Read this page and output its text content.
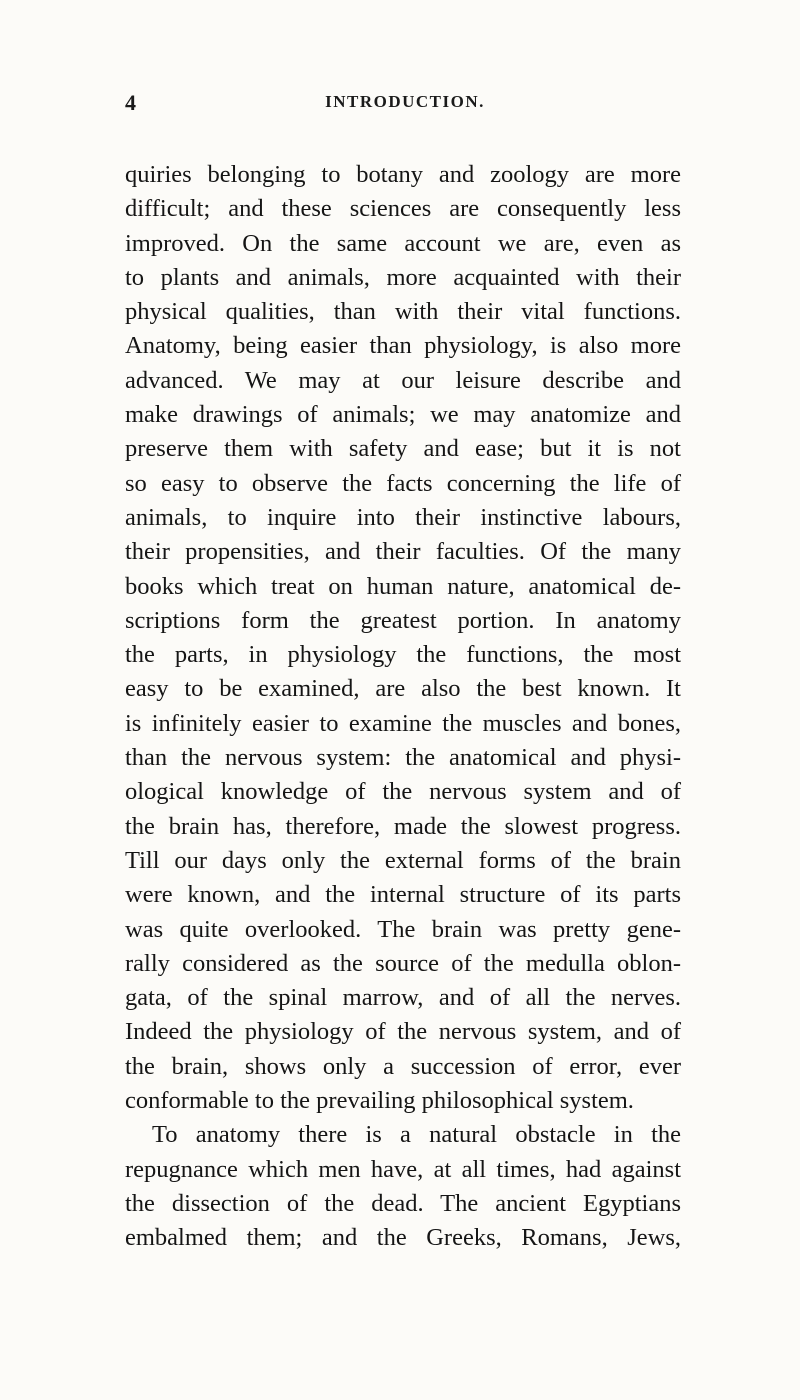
4	INTRODUCTION.
quiries belonging to botany and zoology are more
difficult; and these sciences are consequently less
improved. On the same account we are, even as
to plants and animals, more acquainted with their
physical qualities, than with their vital functions.
Anatomy, being easier than physiology, is also more
advanced. We may at our leisure describe and
make drawings of animals; we may anatomize and
preserve them with safety and ease; but it is not
so easy to observe the facts concerning the life of
animals, to inquire into their instinctive labours,
their propensities, and their faculties. Of the many
books which treat on human nature, anatomical de-
scriptions form the greatest portion. In anatomy
the parts, in physiology the functions, the most
easy to be examined, are also the best known. It
is infinitely easier to examine the muscles and bones,
than the nervous system: the anatomical and physi-
ological knowledge of the nervous system and of
the brain has, therefore, made the slowest progress.
Till our days only the external forms of the brain
were known, and the internal structure of its parts
was quite overlooked. The brain was pretty gene-
rally considered as the source of the medulla oblon-
gata, of the spinal marrow, and of all the nerves.
Indeed the physiology of the nervous system, and of
the brain, shows only a succession of error, ever
conformable to the prevailing philosophical system.
To anatomy there is a natural obstacle in the
repugnance which men have, at all times, had against
the dissection of the dead. The ancient Egyptians
embalmed them; and the Greeks, Romans, Jews,
